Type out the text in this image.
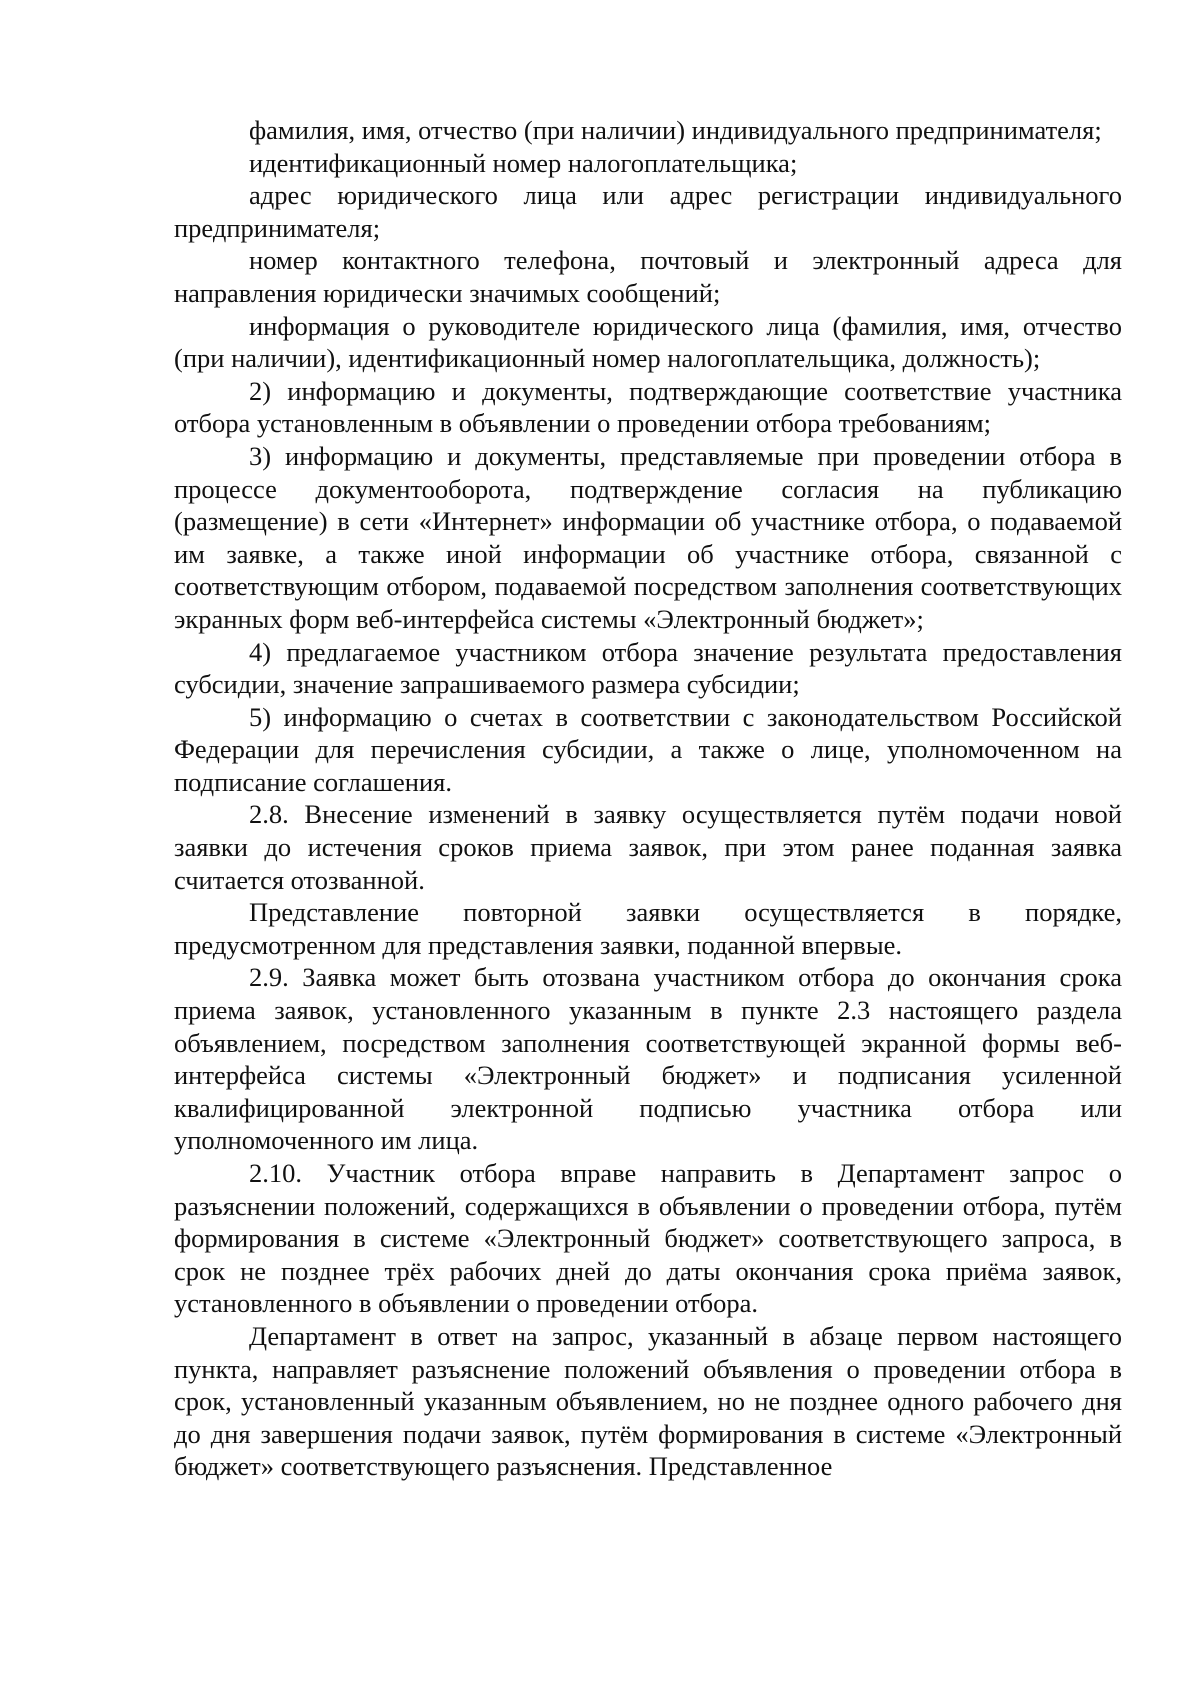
фамилия, имя, отчество (при наличии) индивидуального предпринимателя;

идентификационный номер налогоплательщика;

адрес юридического лица или адрес регистрации индивидуального предпринимателя;

номер контактного телефона, почтовый и электронный адреса для направления юридически значимых сообщений;

информация о руководителе юридического лица (фамилия, имя, отчество (при наличии), идентификационный номер налогоплательщика, должность);

2) информацию и документы, подтверждающие соответствие участника отбора установленным в объявлении о проведении отбора требованиям;

3) информацию и документы, представляемые при проведении отбора в процессе документооборота, подтверждение согласия на публикацию (размещение) в сети «Интернет» информации об участнике отбора, о подаваемой им заявке, а также иной информации об участнике отбора, связанной с соответствующим отбором, подаваемой посредством заполнения соответствующих экранных форм веб-интерфейса системы «Электронный бюджет»;

4) предлагаемое участником отбора значение результата предоставления субсидии, значение запрашиваемого размера субсидии;

5) информацию о счетах в соответствии с законодательством Российской Федерации для перечисления субсидии, а также о лице, уполномоченном на подписание соглашения.

2.8. Внесение изменений в заявку осуществляется путём подачи новой заявки до истечения сроков приема заявок, при этом ранее поданная заявка считается отозванной.

Представление повторной заявки осуществляется в порядке, предусмотренном для представления заявки, поданной впервые.

2.9. Заявка может быть отозвана участником отбора до окончания срока приема заявок, установленного указанным в пункте 2.3 настоящего раздела объявлением, посредством заполнения соответствующей экранной формы веб-интерфейса системы «Электронный бюджет» и подписания усиленной квалифицированной электронной подписью участника отбора или уполномоченного им лица.

2.10. Участник отбора вправе направить в Департамент запрос о разъяснении положений, содержащихся в объявлении о проведении отбора, путём формирования в системе «Электронный бюджет» соответствующего запроса, в срок не позднее трёх рабочих дней до даты окончания срока приёма заявок, установленного в объявлении о проведении отбора.

Департамент в ответ на запрос, указанный в абзаце первом настоящего пункта, направляет разъяснение положений объявления о проведении отбора в срок, установленный указанным объявлением, но не позднее одного рабочего дня до дня завершения подачи заявок, путём формирования в системе «Электронный бюджет» соответствующего разъяснения. Представленное
